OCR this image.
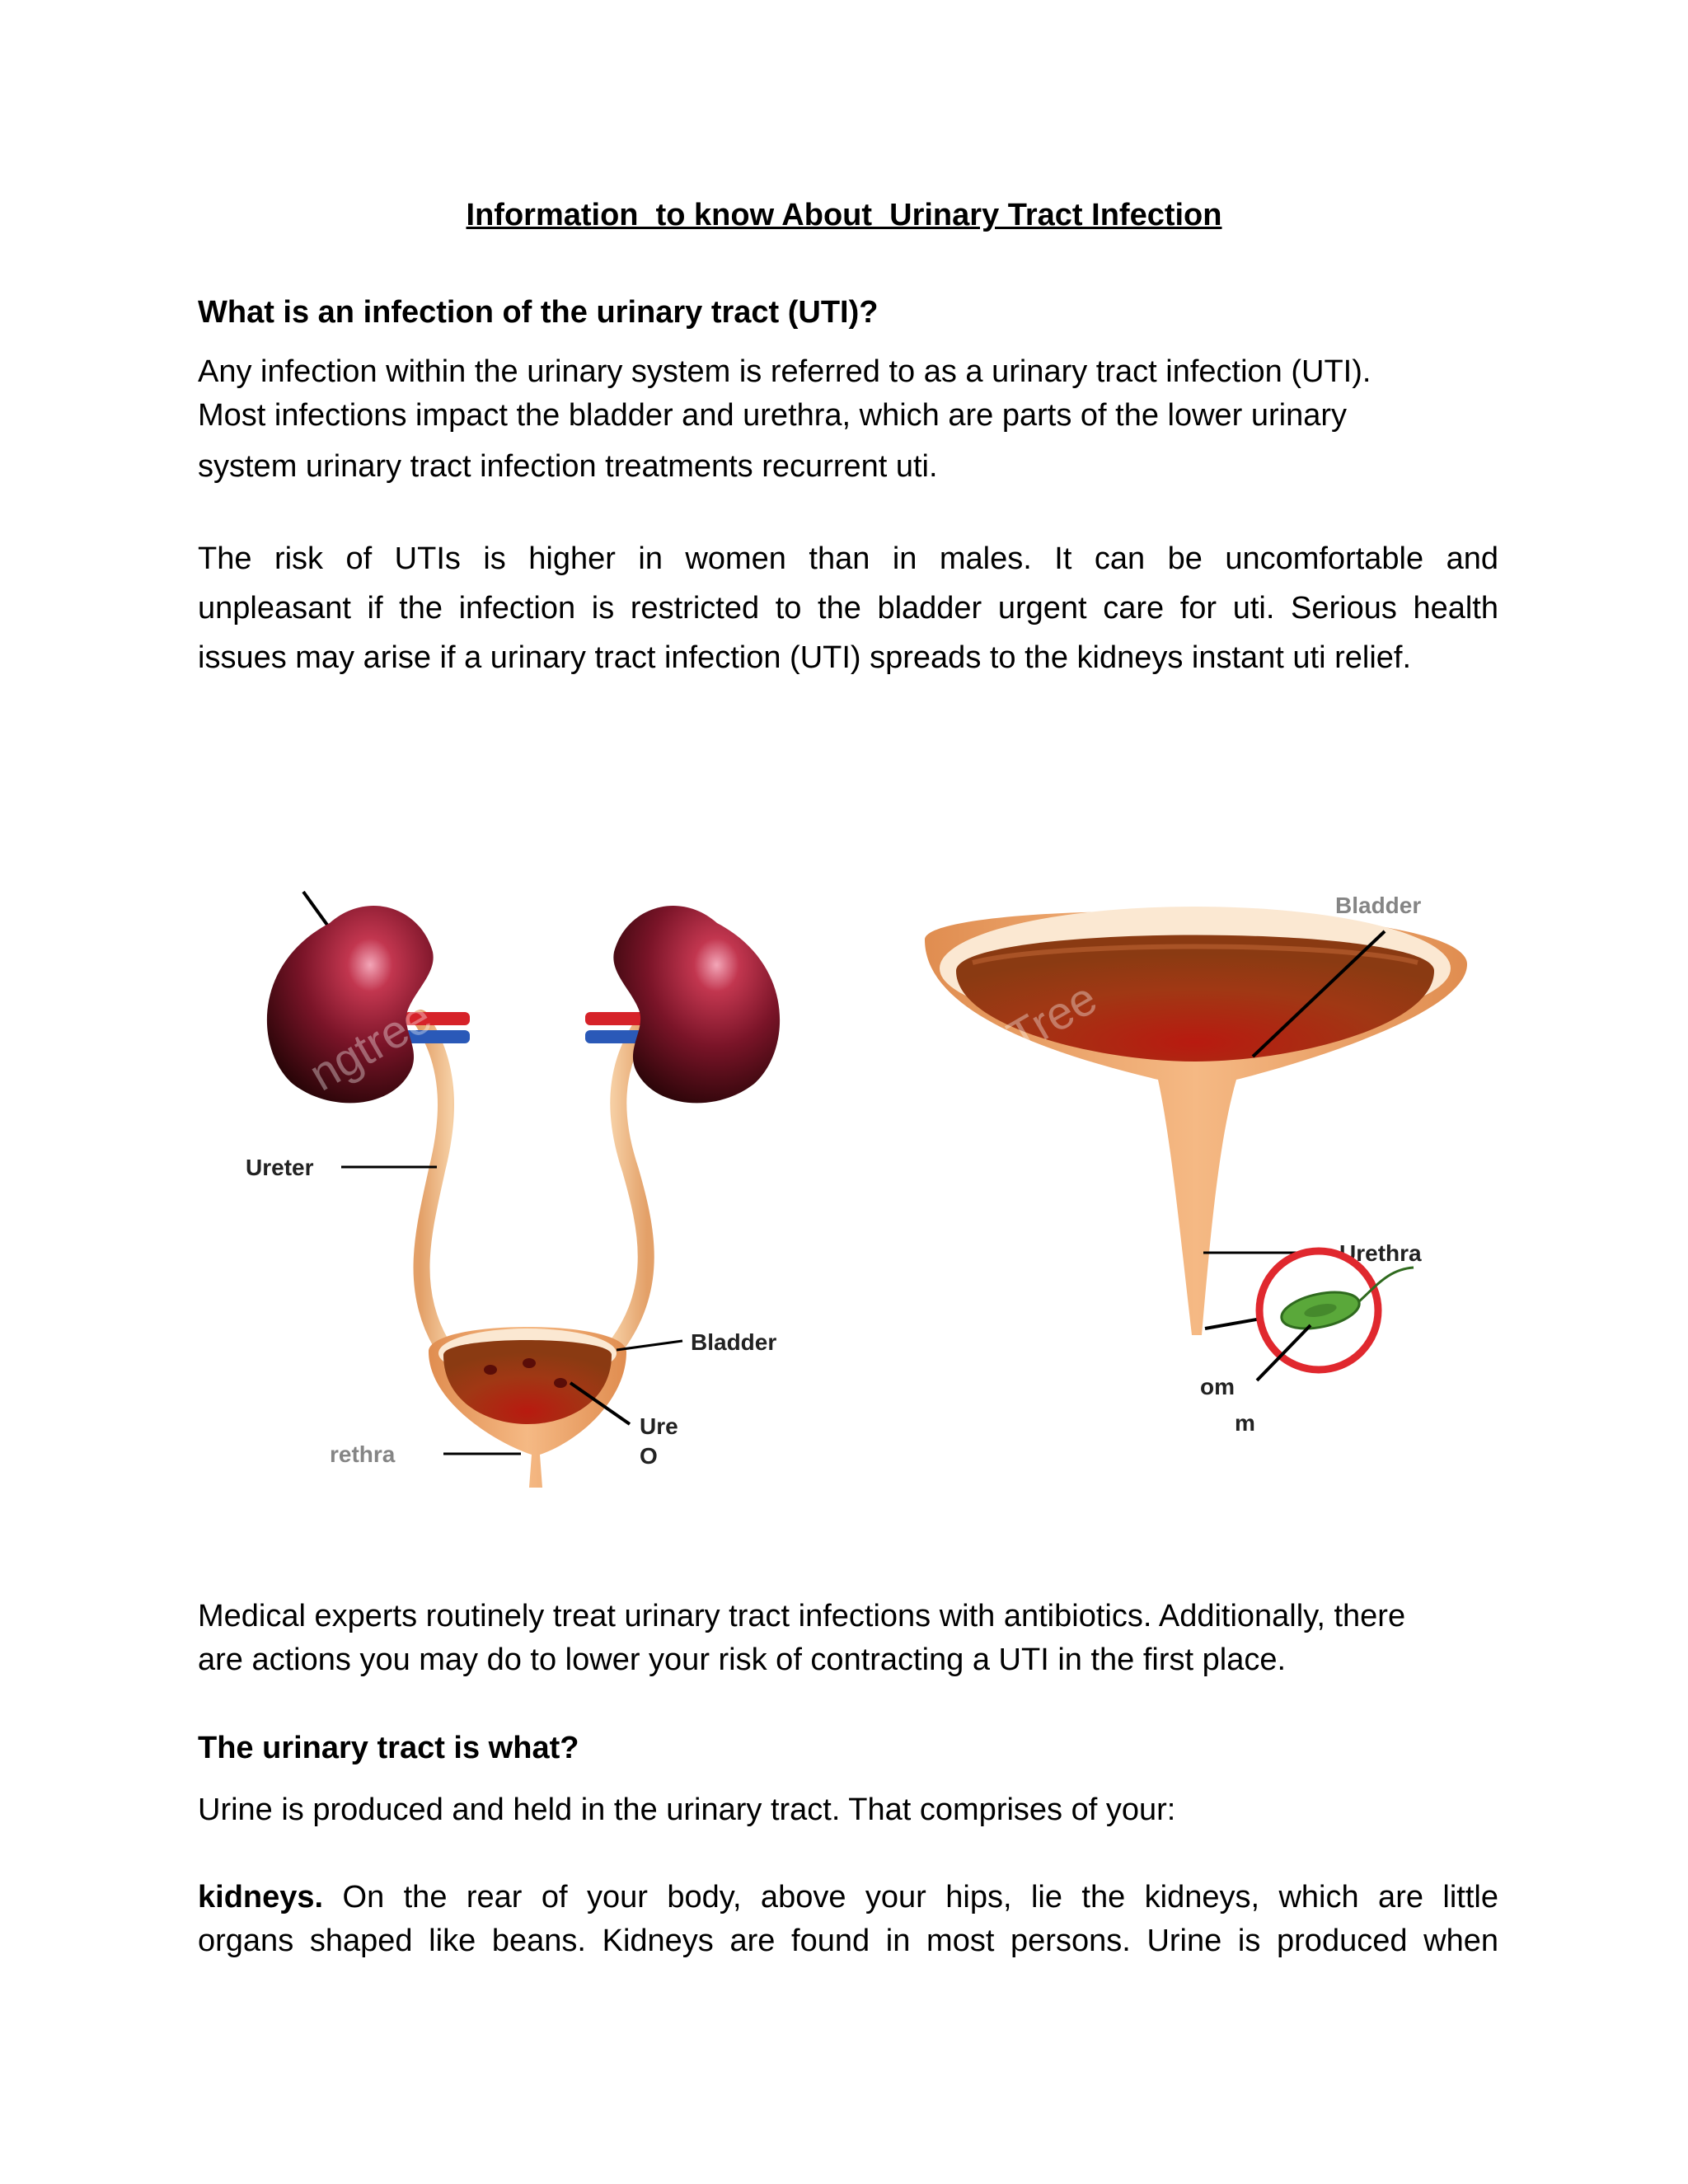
Information  to know About  Urinary Tract Infection
What is an infection of the urinary tract (UTI)?
Any infection within the urinary system is referred to as a urinary tract infection (UTI).
Most infections impact the bladder and urethra, which are parts of the lower urinary
system urinary tract infection treatments recurrent uti.
The risk of UTIs is higher in women than in males. It can be uncomfortable and
unpleasant if the infection is restricted to the bladder urgent care for uti. Serious health
issues may arise if a urinary tract infection (UTI) spreads to the kidneys instant uti relief.
ngtree
Ureter
Bladder
Ure
O
rethra
Bladder
gTree
Urethra
om
m
Medical experts routinely treat urinary tract infections with antibiotics. Additionally, there
are actions you may do to lower your risk of contracting a UTI in the first place.
The urinary tract is what?
Urine is produced and held in the urinary tract. That comprises of your:
kidneys. On the rear of your body, above your hips, lie the kidneys, which are little
organs shaped like beans. Kidneys are found in most persons. Urine is produced when
